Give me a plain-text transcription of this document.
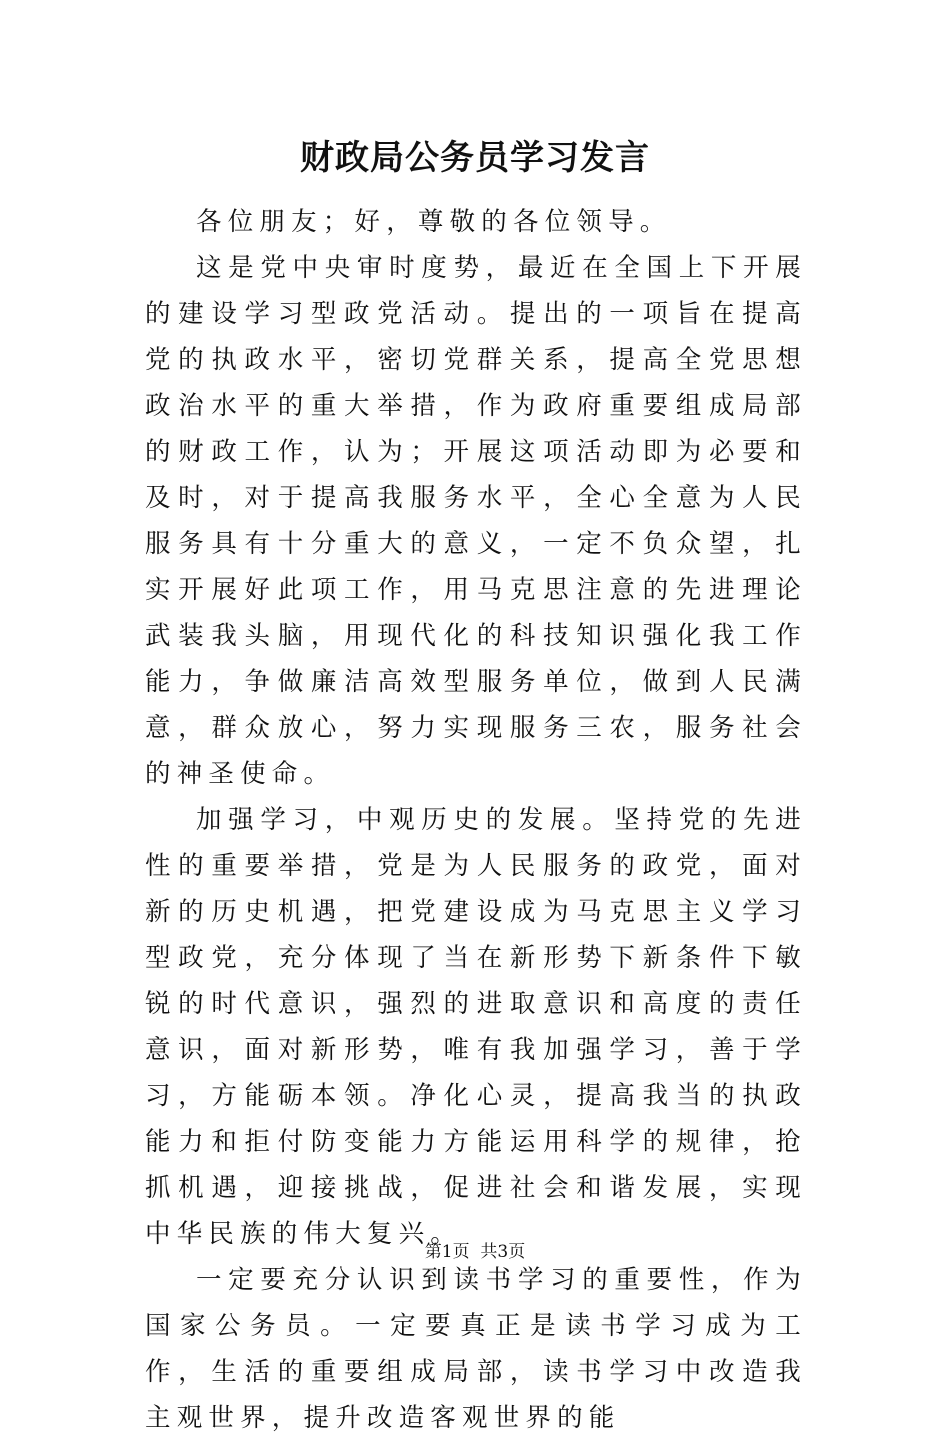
财政局公务员学习发言

各位朋友；好，尊敬的各位领导。

这是党中央审时度势，最近在全国上下开展的建设学习型政党活动。提出的一项旨在提高党的执政水平，密切党群关系，提高全党思想政治水平的重大举措，作为政府重要组成局部的财政工作，认为；开展这项活动即为必要和及时，对于提高我服务水平，全心全意为人民服务具有十分重大的意义，一定不负众望，扎实开展好此项工作，用马克思注意的先进理论武装我头脑，用现代化的科技知识强化我工作能力，争做廉洁高效型服务单位，做到人民满意，群众放心，努力实现服务三农，服务社会的神圣使命。

加强学习，中观历史的发展。坚持党的先进性的重要举措，党是为人民服务的政党，面对新的历史机遇，把党建设成为马克思主义学习型政党，充分体现了当在新形势下新条件下敏锐的时代意识，强烈的进取意识和高度的责任意识，面对新形势，唯有我加强学习，善于学习，方能砺本领。净化心灵，提高我当的执政能力和拒付防变能力方能运用科学的规律，抢抓机遇，迎接挑战，促进社会和谐发展，实现中华民族的伟大复兴。

一定要充分认识到读书学习的重要性，作为国家公务员。一定要真正是读书学习成为工作，生活的重要组成局部，读书学习中改造我主观世界，提升改造客观世界的能

第1页 共3页
